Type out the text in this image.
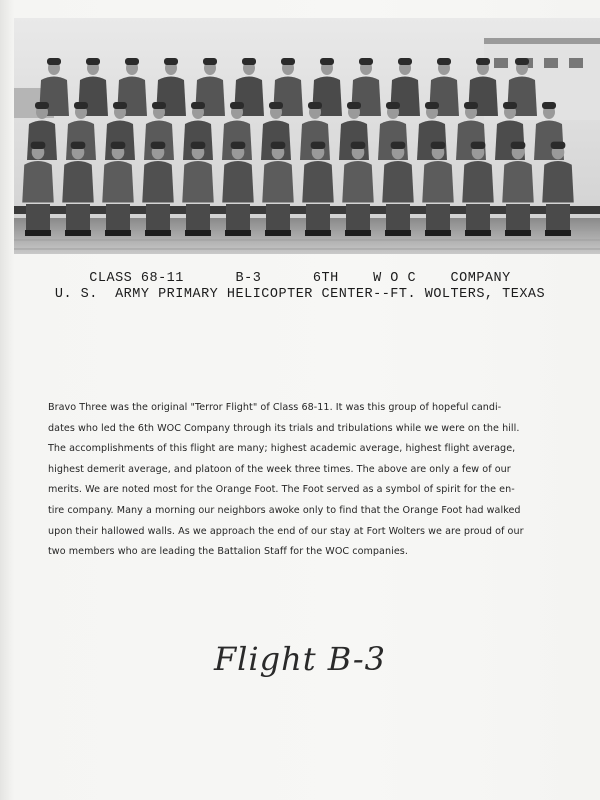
CLASS 68-11      B-3      6TH    W O C    COMPANY
U. S.  ARMY PRIMARY HELICOPTER CENTER--FT. WOLTERS, TEXAS
Bravo Three was the original "Terror Flight" of Class 68-11. It was this group of hopeful candi-
dates who led the 6th WOC Company through its trials and tribulations while we were on the hill.
The accomplishments of this flight are many; highest academic average, highest flight average,
highest demerit average, and platoon of the week three times. The above are only a few of our
merits. We are noted most for the Orange Foot. The Foot served as a symbol of spirit for the en-
tire company. Many a morning our neighbors awoke only to find that the Orange Foot had walked
upon their hallowed walls. As we approach the end of our stay at Fort Wolters we are proud of our
two members who are leading the Battalion Staff for the WOC companies.
Flight B-3
